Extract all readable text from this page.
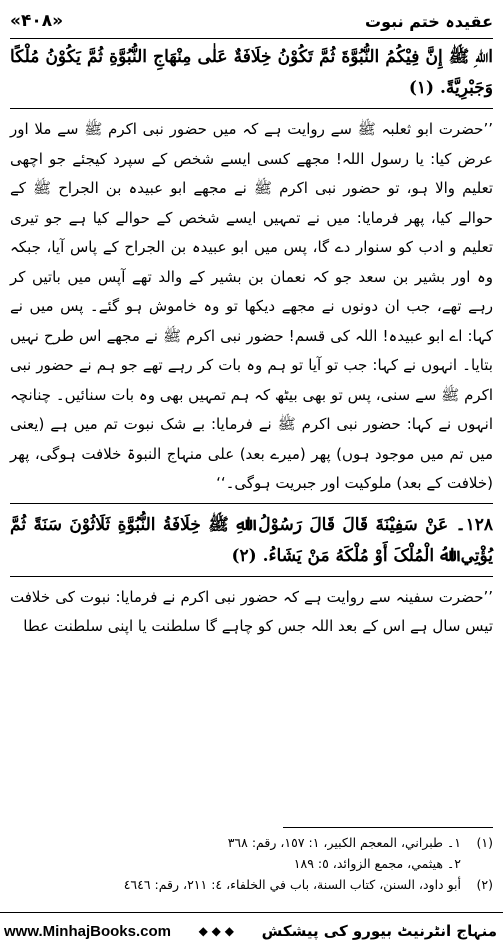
عقیدہ ختم نبوت
«۴۰۸»

اﷲِ ﷺ إِنَّ فِيْکُمُ النُّبُوَّةَ ثُمَّ تَکُوْنُ خِلَافَةٌ عَلٰی مِنْهَاجِ النُّبُوَّةِ ثُمَّ يَکُوْنُ مُلْکًا وَجَبْرِيَّةً. (١)

’’حضرت ابو ثعلبہ ﷺ سے روایت ہے کہ میں حضور نبی اکرم ﷺ سے ملا اور عرض کیا: یا رسول اللہ! مجھے کسی ایسے شخص کے سپرد کیجئے جو اچھی تعلیم والا ہو، تو حضور نبی اکرم ﷺ نے مجھے ابو عبیدہ بن الجراح ﷺ کے حوالے کیا، پھر فرمایا: میں نے تمہیں ایسے شخص کے حوالے کیا ہے جو تیری تعلیم و ادب کو سنوار دے گا، پس میں ابو عبیدہ بن الجراح کے پاس آیا، جبکہ وہ اور بشیر بن سعد جو کہ نعمان بن بشیر کے والد تھے آپس میں باتیں کر رہے تھے، جب ان دونوں نے مجھے دیکھا تو وہ خاموش ہو گئے۔ پس میں نے کہا: اے ابو عبیدہ! اللہ کی قسم! حضور نبی اکرم ﷺ نے مجھے اس طرح نہیں بتایا۔ انہوں نے کہا: جب تو آیا تو ہم وہ بات کر رہے تھے جو ہم نے حضور نبی اکرم ﷺ سے سنی، پس تو بھی بیٹھ کہ ہم تمہیں بھی وہ بات سنائیں۔ چنانچہ انہوں نے کہا: حضور نبی اکرم ﷺ نے فرمایا: بے شک نبوت تم میں ہے (یعنی میں تم میں موجود ہوں) پھر (میرے بعد) علی منہاج النبوۃ خلافت ہوگی، پھر (خلافت کے بعد) ملوکیت اور جبریت ہوگی۔‘‘

١٢٨۔ عَنْ سَفِيْنَةَ قَالَ قَالَ رَسُوْلُ اﷲِ ﷺ خِلَافَةُ النُّبُوَّةِ ثَلَاثُوْنَ سَنَةً ثُمَّ يُؤْتِي اﷲُ الْمُلْکَ أَوْ مُلْکَهُ مَنْ يَشَاءُ. (٢)

’’حضرت سفینہ سے روایت ہے کہ حضور نبی اکرم نے فرمایا: نبوت کی خلافت تیس سال ہے اس کے بعد اللہ جس کو چاہے گا سلطنت یا اپنی سلطنت عطا

(١)
١۔ طبراني، المعجم الکبير، ١: ١٥٧، رقم: ٣٦٨
٢۔ هيثمي، مجمع الزوائد، ٥: ١٨٩
(٢)
أبو داود، السنن، کتاب السنة، باب في الخلفاء، ٤: ٢١١، رقم: ٤٦٤٦
www.MinhajBooks.com ◆ ◆ ◆ منہاج انٹرنیٹ بیورو کی پیشکش
